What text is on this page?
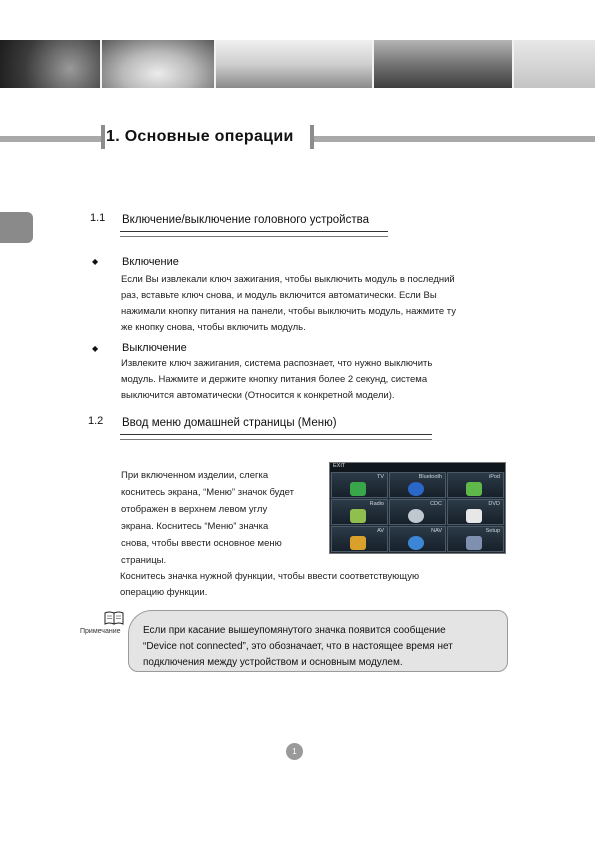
1. Основные операции
1.1 Включение/выключение головного устройства
◆ Включение
Если Вы извлекали ключ зажигания, чтобы выключить модуль в последний
раз, вставьте ключ снова, и модуль включится автоматически. Если Вы
нажимали кнопку питания на панели, чтобы выключить модуль, нажмите ту
же кнопку снова, чтобы включить модуль.
◆ Выключение
Извлеките ключ зажигания, система распознает, что нужно выключить
модуль. Нажмите и держите кнопку питания более 2 секунд, система
выключится автоматически (Относится к конкретной модели).
1.2 Ввод меню домашней страницы (Меню)
При включенном изделии, слегка
коснитесь экрана, “Меню” значок будет
отображен в верхнем левом углу
экрана. Коснитесь “Меню” значка
снова, чтобы ввести основное меню
страницы.
EXIT
TV	Bluetooth	iPod
Radio	CDC	DVD
AV	NAV	Setup
Коснитесь значка нужной функции, чтобы ввести соответствующую
операцию функции.
Примечание Если при касание вышеупомянутого значка появится сообщение
“Device not connected”, это обозначает, что в настоящее время нет
подключения между устройством и основным модулем.
1
